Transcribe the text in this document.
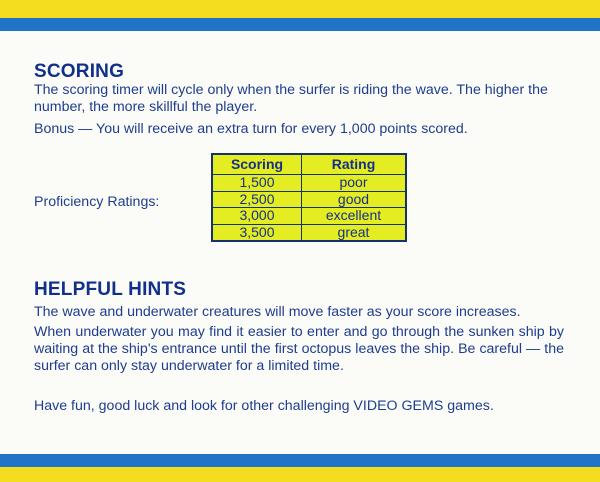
SCORING
The scoring timer will cycle only when the surfer is riding the wave. The higher the number, the more skillful the player.
Bonus — You will receive an extra turn for every 1,000 points scored.
Proficiency Ratings:
Scoring	Rating
1,500	poor
2,500	good
3,000	excellent
3,500	great
HELPFUL HINTS
The wave and underwater creatures will move faster as your score increases.
When underwater you may find it easier to enter and go through the sunken ship by waiting at the ship's entrance until the first octopus leaves the ship. Be careful — the surfer can only stay underwater for a limited time.
Have fun, good luck and look for other challenging VIDEO GEMS games.
